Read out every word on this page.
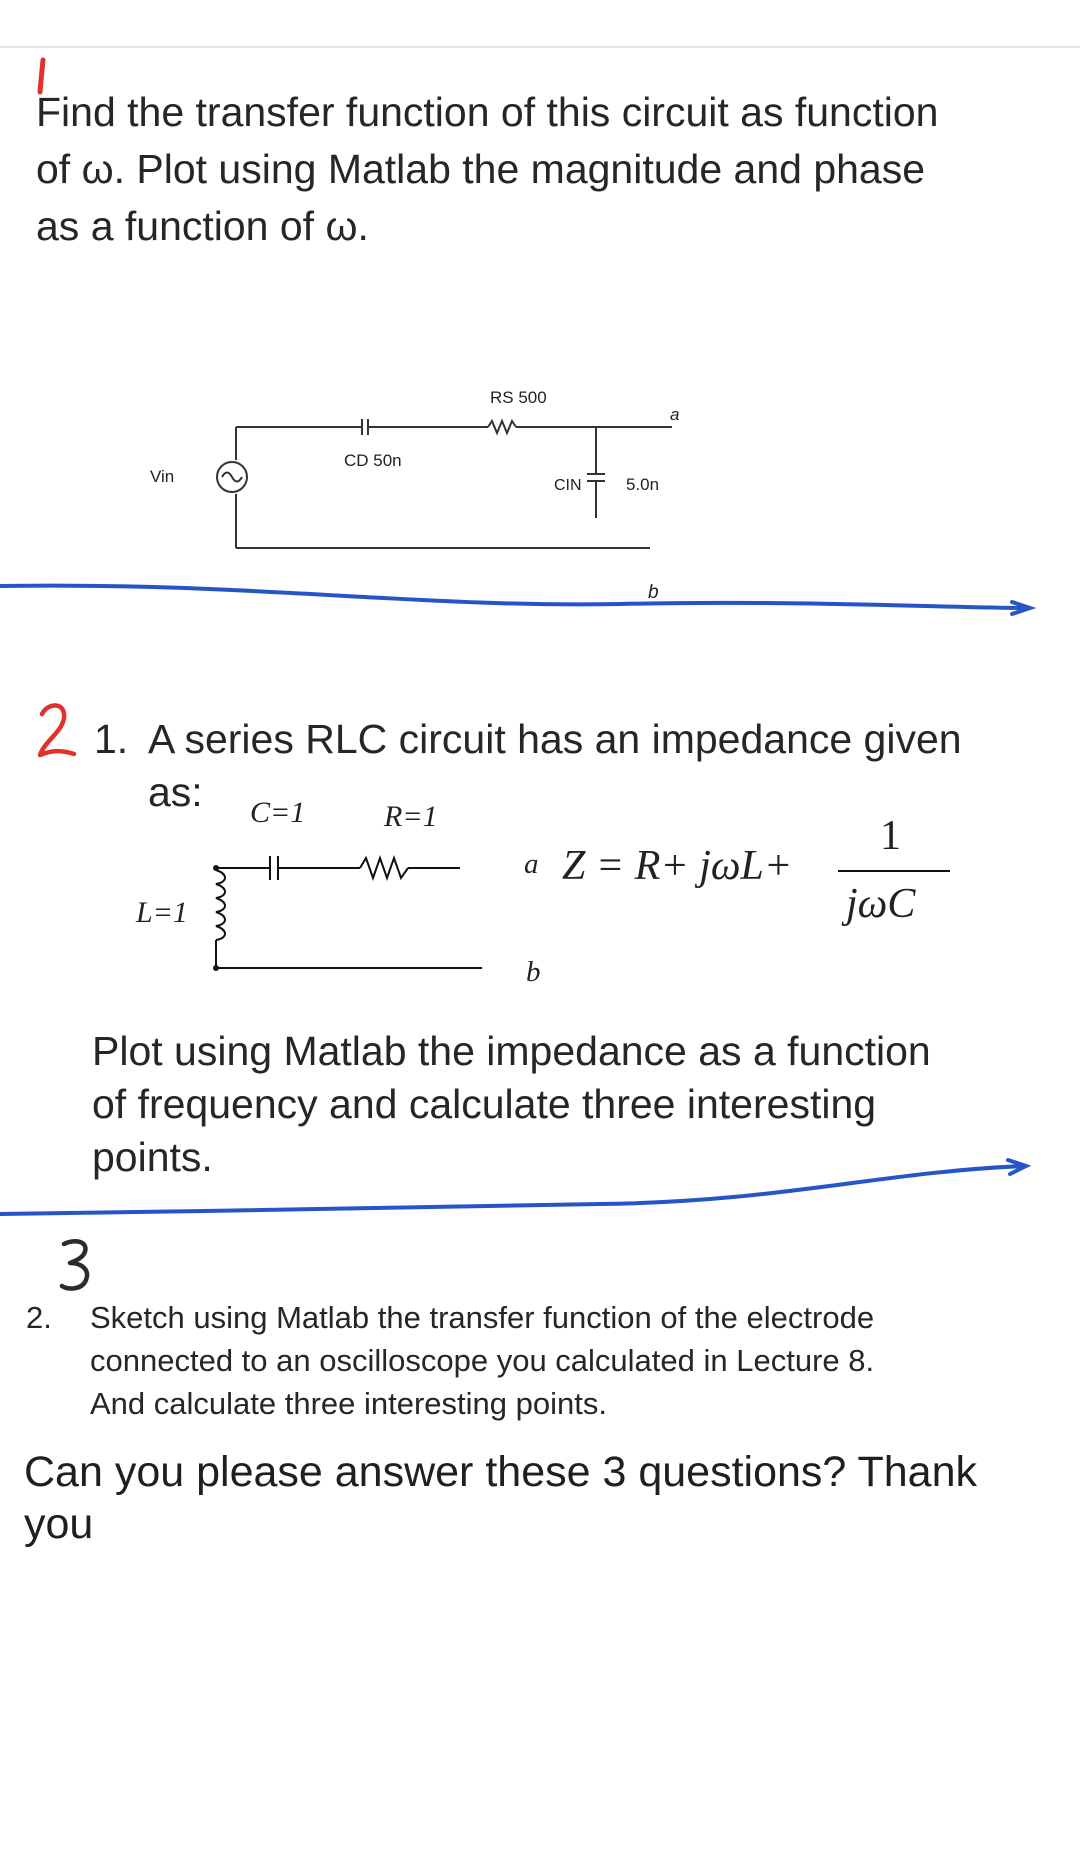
Find the transfer function of this circuit as function

of ω. Plot using Matlab the magnitude and phase

as a function of ω.

RS 500
CD 50n
Vin	CIN	5.0n
a
b

1. A series RLC circuit has an impedance given

as: C=1	R=1
L=1
a
b
Z = R+ jωL+
1
jωC

Plot using Matlab the impedance as a function

of frequency and calculate three interesting

points.

2. Sketch using Matlab the transfer function of the electrode

connected to an oscilloscope you calculated in Lecture 8.

And calculate three interesting points.

Can you please answer these 3 questions? Thank

you
